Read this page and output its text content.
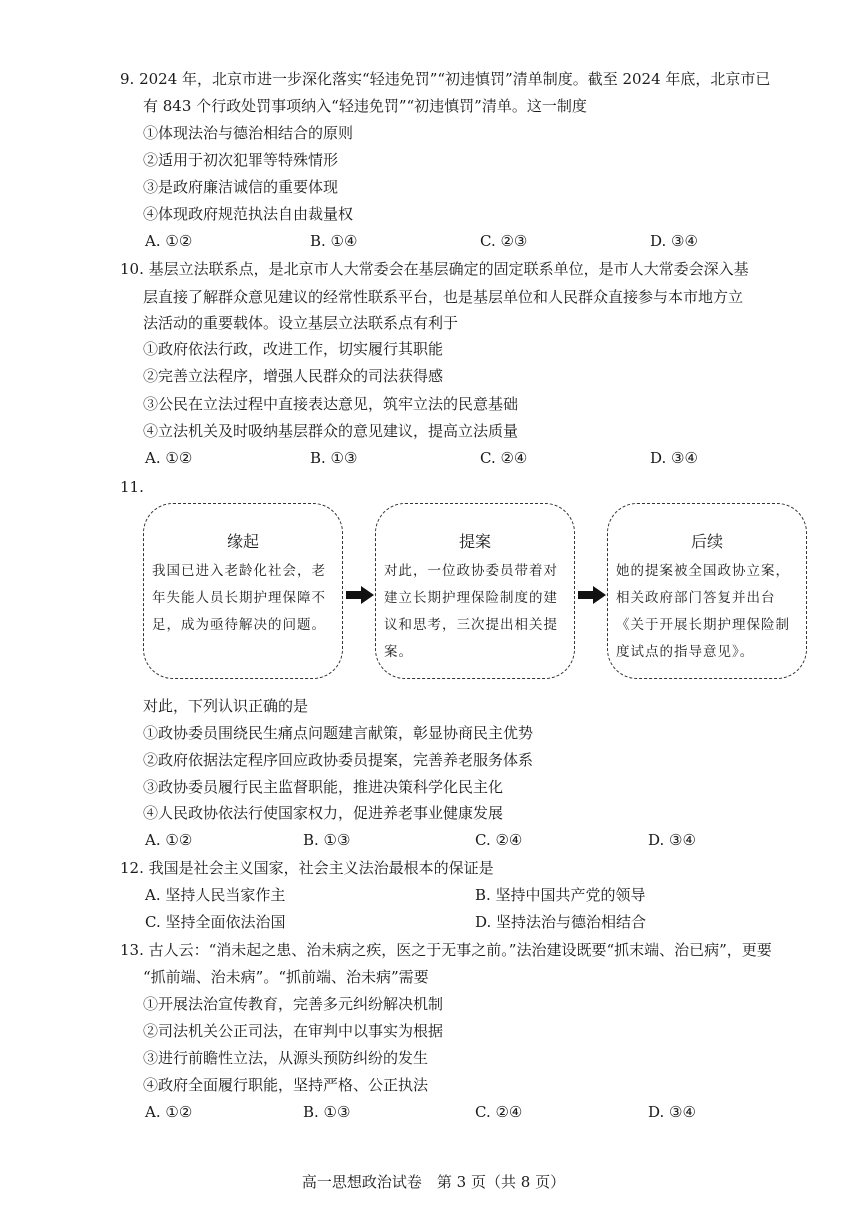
9. 2024 年，北京市进一步深化落实“轻违免罚”“初违慎罚”清单制度。截至 2024 年底，北京市已
有 843 个行政处罚事项纳入“轻违免罚”“初违慎罚”清单。这一制度
①体现法治与德治相结合的原则
②适用于初次犯罪等特殊情形
③是政府廉洁诚信的重要体现
④体现政府规范执法自由裁量权
A. ①②	B. ①④	C. ②③	D. ③④
10. 基层立法联系点，是北京市人大常委会在基层确定的固定联系单位，是市人大常委会深入基
层直接了解群众意见建议的经常性联系平台，也是基层单位和人民群众直接参与本市地方立
法活动的重要载体。设立基层立法联系点有利于
①政府依法行政，改进工作，切实履行其职能
②完善立法程序，增强人民群众的司法获得感
③公民在立法过程中直接表达意见，筑牢立法的民意基础
④立法机关及时吸纳基层群众的意见建议，提高立法质量
A. ①②	B. ①③	C. ②④	D. ③④
11.
缘起
我国已进入老龄化社会，老年失能人员长期护理保障不足，成为亟待解决的问题。
提案
对此，一位政协委员带着对建立长期护理保险制度的建议和思考，三次提出相关提案。
后续
她的提案被全国政协立案，相关政府部门答复并出台《关于开展长期护理保险制度试点的指导意见》。
对此，下列认识正确的是
①政协委员围绕民生痛点问题建言献策，彰显协商民主优势
②政府依据法定程序回应政协委员提案，完善养老服务体系
③政协委员履行民主监督职能，推进决策科学化民主化
④人民政协依法行使国家权力，促进养老事业健康发展
A. ①②	B. ①③	C. ②④	D. ③④
12. 我国是社会主义国家，社会主义法治最根本的保证是
A. 坚持人民当家作主	B. 坚持中国共产党的领导
C. 坚持全面依法治国	D. 坚持法治与德治相结合
13. 古人云：“消未起之患、治未病之疾，医之于无事之前。”法治建设既要“抓末端、治已病”，更要
“抓前端、治未病”。“抓前端、治未病”需要
①开展法治宣传教育，完善多元纠纷解决机制
②司法机关公正司法，在审判中以事实为根据
③进行前瞻性立法，从源头预防纠纷的发生
④政府全面履行职能，坚持严格、公正执法
A. ①②	B. ①③	C. ②④	D. ③④
高一思想政治试卷　第 3 页（共 8 页）
